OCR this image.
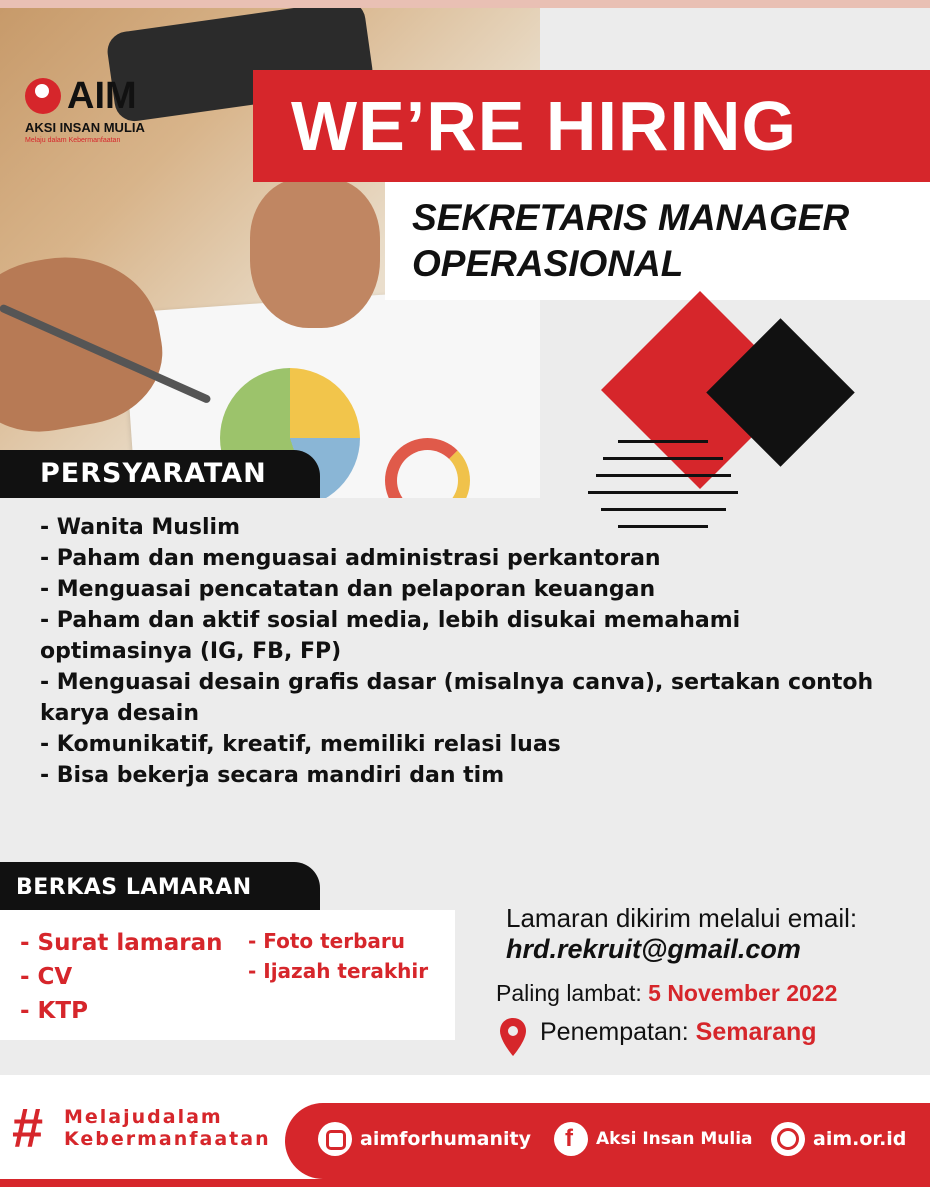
AIM
AKSI INSAN MULIA
Melaju dalam Kebermanfaatan	WE’RE HIRING
SEKRETARIS MANAGER
OPERASIONAL
PERSYARATAN
- Wanita Muslim
- Paham dan menguasai administrasi perkantoran
- Menguasai pencatatan dan pelaporan keuangan
- Paham dan aktif sosial media, lebih disukai memahami optimasinya (IG, FB, FP)
- Menguasai desain grafis dasar (misalnya canva), sertakan contoh karya desain
- Komunikatif, kreatif, memiliki relasi luas
- Bisa bekerja secara mandiri dan tim
BERKAS LAMARAN
- Surat lamaran
- CV
- KTP
- Foto terbaru
- Ijazah terakhir
Lamaran dikirim melalui email:
hrd.rekruit@gmail.com
Paling lambat: 5 November 2022
Penempatan: Semarang
# Melajudalam
Kebermanfaatan	aimforhumanity
f	Aksi Insan Mulia	aim.or.id
